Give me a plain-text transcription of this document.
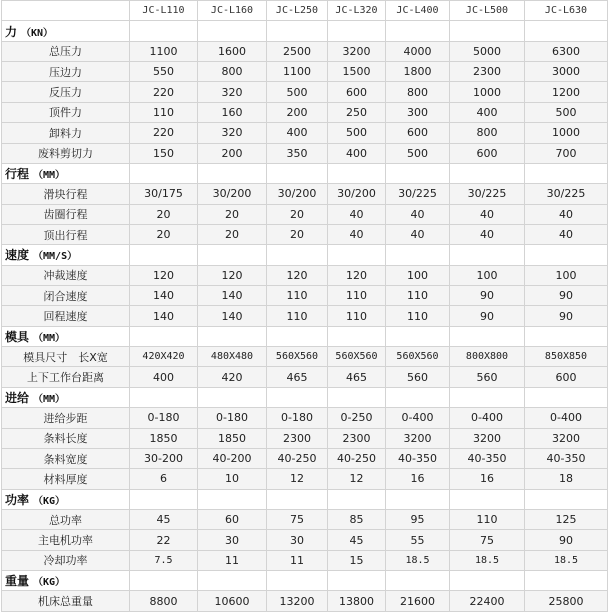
	JC-L110	JC-L160	JC-L250	JC-L320	JC-L400	JC-L500	JC-L630
力 （KN）							
总压力	1100	1600	2500	3200	4000	5000	6300
压边力	550	800	1100	1500	1800	2300	3000
反压力	220	320	500	600	800	1000	1200
顶件力	110	160	200	250	300	400	500
卸料力	220	320	400	500	600	800	1000
废料剪切力	150	200	350	400	500	600	700
行程 （MM）							
滑块行程	30/175	30/200	30/200	30/200	30/225	30/225	30/225
齿圈行程	20	20	20	40	40	40	40
顶出行程	20	20	20	40	40	40	40
速度 （MM/S）							
冲裁速度	120	120	120	120	100	100	100
闭合速度	140	140	110	110	110	90	90
回程速度	140	140	110	110	110	90	90
模具 （MM）							
模具尺寸　长X宽	420X420	480X480	560X560	560X560	560X560	800X800	850X850
上下工作台距离	400	420	465	465	560	560	600
进给 （MM）							
进给步距	0-180	0-180	0-180	0-250	0-400	0-400	0-400
条料长度	1850	1850	2300	2300	3200	3200	3200
条料宽度	30-200	40-200	40-250	40-250	40-350	40-350	40-350
材料厚度	6	10	12	12	16	16	18
功率 （KG）							
总功率	45	60	75	85	95	110	125
主电机功率	22	30	30	45	55	75	90
冷却功率	7.5	11	11	15	18.5	18.5	18.5
重量 （KG）							
机床总重量	8800	10600	13200	13800	21600	22400	25800
